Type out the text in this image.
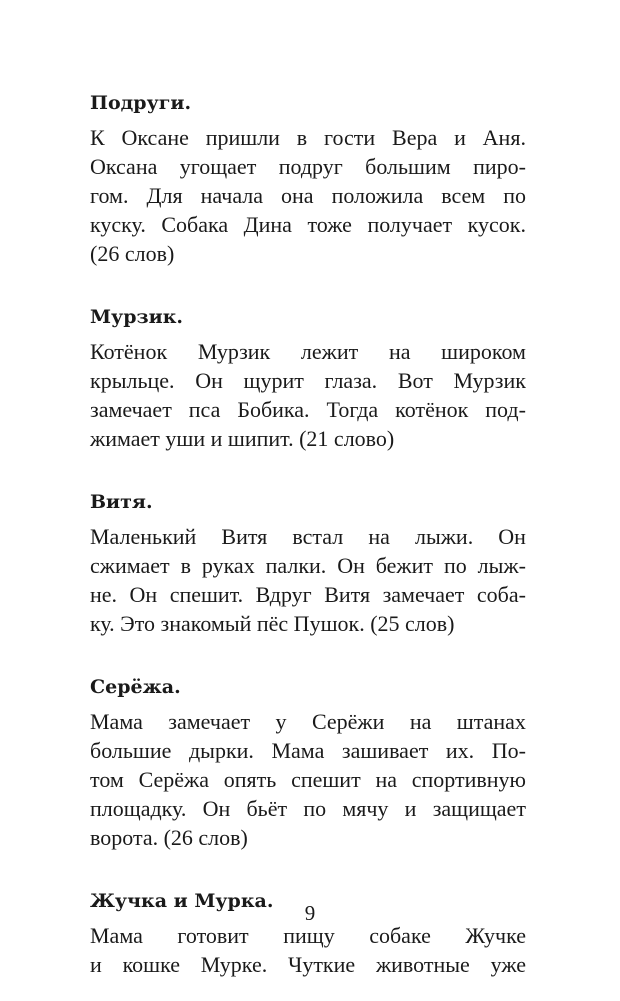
Подруги.
К Оксане пришли в гости Вера и Аня.
Оксана угощает подруг большим пиро-
гом. Для начала она положила всем по
куску. Собака Дина тоже получает кусок.
(26 слов)
Мурзик.
Котёнок Мурзик лежит на широком
крыльце. Он щурит глаза. Вот Мурзик
замечает пса Бобика. Тогда котёнок под-
жимает уши и шипит. (21 слово)
Витя.
Маленький Витя встал на лыжи. Он
сжимает в руках палки. Он бежит по лыж-
не. Он спешит. Вдруг Витя замечает соба-
ку. Это знакомый пёс Пушок. (25 слов)
Серёжа.
Мама замечает у Серёжи на штанах
большие дырки. Мама зашивает их. По-
том Серёжа опять спешит на спортивную
площадку. Он бьёт по мячу и защищает
ворота. (26 слов)
Жучка и Мурка.
Мама готовит пищу собаке Жучке
и кошке Мурке. Чуткие животные уже
9
